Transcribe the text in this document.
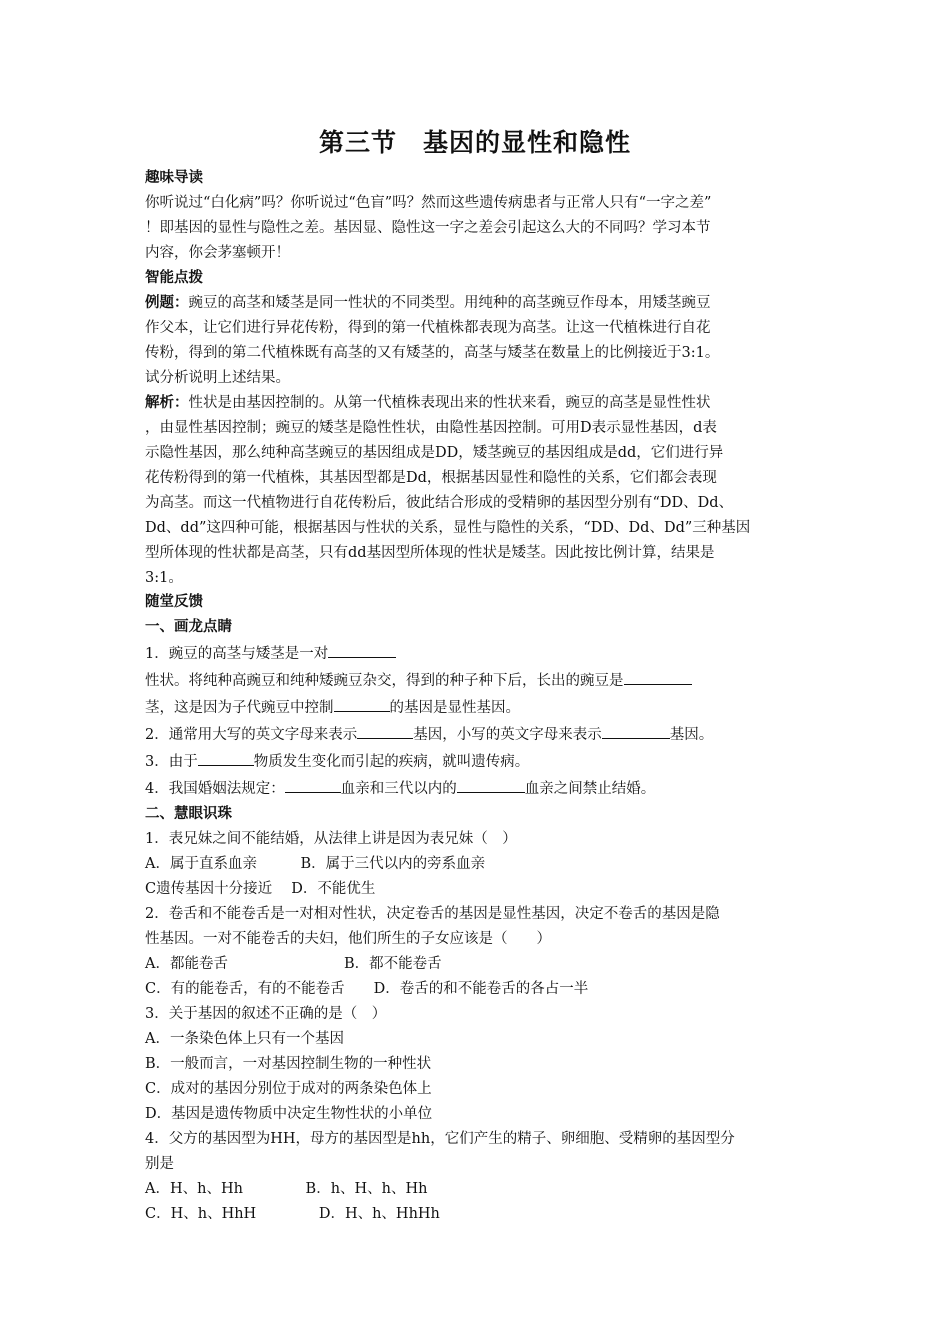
第三节　基因的显性和隐性

趣味导读

你听说过“白化病”吗？你听说过“色盲”吗？然而这些遗传病患者与正常人只有“一字之差”

！即基因的显性与隐性之差。基因显、隐性这一字之差会引起这么大的不同吗？学习本节

内容，你会茅塞顿开！

智能点拨

例题：豌豆的高茎和矮茎是同一性状的不同类型。用纯种的高茎豌豆作母本，用矮茎豌豆

作父本，让它们进行异花传粉，得到的第一代植株都表现为高茎。让这一代植株进行自花

传粉，得到的第二代植株既有高茎的又有矮茎的，高茎与矮茎在数量上的比例接近于3:1。

试分析说明上述结果。

解析：性状是由基因控制的。从第一代植株表现出来的性状来看，豌豆的高茎是显性性状

，由显性基因控制；豌豆的矮茎是隐性性状，由隐性基因控制。可用D表示显性基因，d表

示隐性基因，那么纯种高茎豌豆的基因组成是DD，矮茎豌豆的基因组成是dd，它们进行异

花传粉得到的第一代植株，其基因型都是Dd，根据基因显性和隐性的关系，它们都会表现

为高茎。而这一代植物进行自花传粉后，彼此结合形成的受精卵的基因型分别有“DD、Dd、

Dd、dd”这四种可能，根据基因与性状的关系，显性与隐性的关系，“DD、Dd、Dd”三种基因

型所体现的性状都是高茎，只有dd基因型所体现的性状是矮茎。因此按比例计算，结果是

3:1。

随堂反馈

一、画龙点睛

1．豌豆的高茎与矮茎是一对

性状。将纯种高豌豆和纯种矮豌豆杂交，得到的种子种下后，长出的豌豆是

茎，这是因为子代豌豆中控制	的基因是显性基因。

2．通常用大写的英文字母来表示	基因，小写的英文字母来表示	基因。

3．由于	物质发生变化而引起的疾病，就叫遗传病。

4．我国婚姻法规定：	血亲和三代以内的	血亲之间禁止结婚。

二、慧眼识珠

1．表兄妹之间不能结婚，从法律上讲是因为表兄妹（　）

A．属于直系血亲　　　B．属于三代以内的旁系血亲

C遗传基因十分接近　 D．不能优生

2．卷舌和不能卷舌是一对相对性状，决定卷舌的基因是显性基因，决定不卷舌的基因是隐

性基因。一对不能卷舌的夫妇，他们所生的子女应该是（　　）

A．都能卷舌　　　　　　　　B．都不能卷舌

C．有的能卷舌，有的不能卷舌　　D．卷舌的和不能卷舌的各占一半

3．关于基因的叙述不正确的是（　）

A．一条染色体上只有一个基因

B．一般而言，一对基因控制生物的一种性状

C．成对的基因分别位于成对的两条染色体上

D．基因是遗传物质中决定生物性状的小单位

4．父方的基因型为HH，母方的基因型是hh，它们产生的精子、卵细胞、受精卵的基因型分

别是

A．H、h、Hh　　　　 B．h、H、h、Hh

C．H、h、HhH　　　　 D．H、h、HhHh
